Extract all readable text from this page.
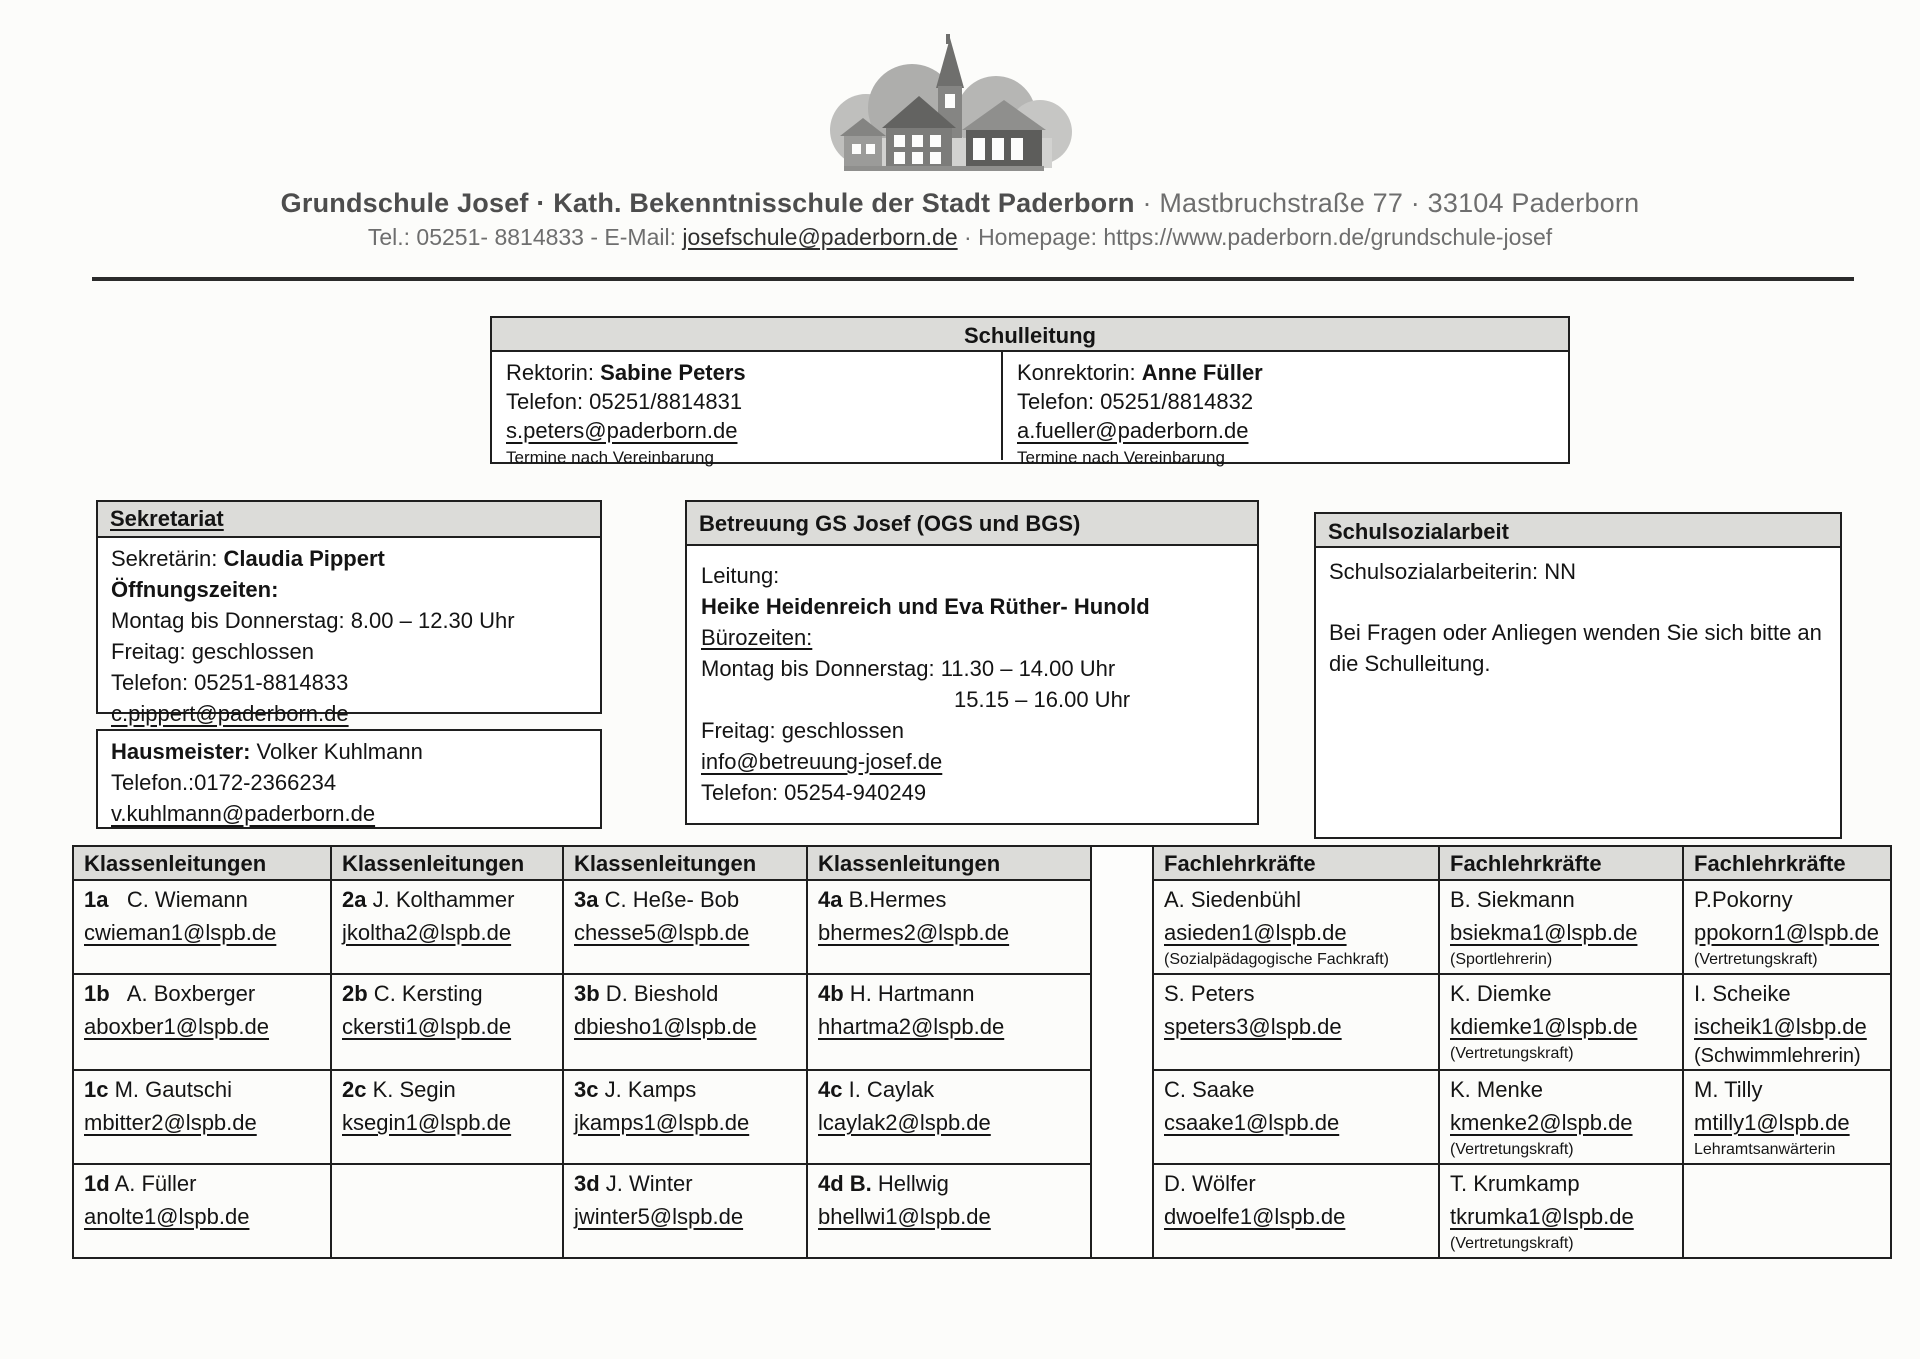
Grundschule Josef · Kath. Bekenntnisschule der Stadt Paderborn · Mastbruchstraße 77 · 33104 Paderborn
Tel.: 05251- 8814833 - E-Mail: josefschule@paderborn.de · Homepage: https://www.paderborn.de/grundschule-josef
Schulleitung
Rektorin: Sabine Peters
Telefon: 05251/8814831
s.peters@paderborn.de
Termine nach Vereinbarung
Konrektorin: Anne Füller
Telefon: 05251/8814832
a.fueller@paderborn.de
Termine nach Vereinbarung
Sekretariat
Sekretärin: Claudia Pippert
Öffnungszeiten:
Montag bis Donnerstag: 8.00 – 12.30 Uhr
Freitag: geschlossen
Telefon: 05251-8814833
c.pippert@paderborn.de
Hausmeister: Volker Kuhlmann
Telefon.:0172-2366234
v.kuhlmann@paderborn.de
Betreuung GS Josef (OGS und BGS)
Leitung:
Heike Heidenreich und Eva Rüther- Hunold
Bürozeiten:
Montag bis Donnerstag: 11.30 – 14.00 Uhr
15.15 – 16.00 Uhr
Freitag: geschlossen
info@betreuung-josef.de
Telefon: 05254-940249
Schulsozialarbeit
Schulsozialarbeiterin: NN
Bei Fragen oder Anliegen wenden Sie sich bitte an die Schulleitung.
Klassenleitungen	Klassenleitungen	Klassenleitungen	Klassenleitungen		Fachlehrkräfte	Fachlehrkräfte	Fachlehrkräfte

1a   C. Wiemann
cwieman1@lspb.de	2a J. Kolthammer
jkoltha2@lspb.de	3a C. Heße- Bob
chesse5@lspb.de	4a B.Hermes
bhermes2@lspb.de		A. Siedenbühl
asieden1@lspb.de
(Sozialpädagogische Fachkraft)	B. Siekmann
bsiekma1@lspb.de
(Sportlehrerin)	P.Pokorny
ppokorn1@lspb.de
(Vertretungskraft)

1b   A. Boxberger
aboxber1@lspb.de	2b C. Kersting
ckersti1@lspb.de	3b D. Bieshold
dbiesho1@lspb.de	4b H. Hartmann
hhartma2@lspb.de		S. Peters
speters3@lspb.de	K. Diemke
kdiemke1@lspb.de
(Vertretungskraft)	I. Scheike
ischeik1@lsbp.de
(Schwimmlehrerin)

1c M. Gautschi
mbitter2@lspb.de	2c K. Segin
ksegin1@lspb.de	3c J. Kamps
jkamps1@lspb.de	4c I. Caylak
lcaylak2@lspb.de		C. Saake
csaake1@lspb.de	K. Menke
kmenke2@lspb.de
(Vertretungskraft)	M. Tilly
mtilly1@lspb.de
Lehramtsanwärterin

1d A. Füller
anolte1@lspb.de		3d J. Winter
jwinter5@lspb.de	4d B. Hellwig
bhellwi1@lspb.de		D. Wölfer
dwoelfe1@lspb.de	T. Krumkamp
tkrumka1@lspb.de
(Vertretungskraft)	
